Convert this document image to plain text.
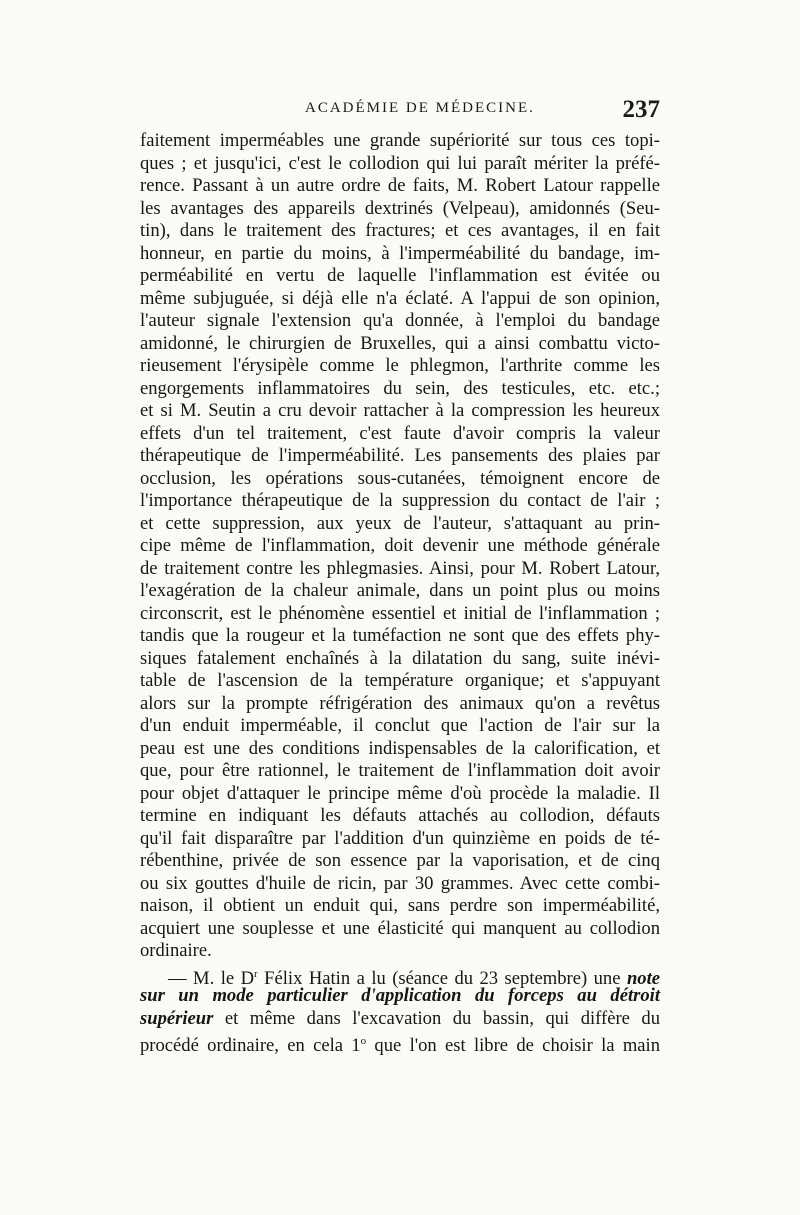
ACADÉMIE DE MÉDECINE.	237
faitement imperméables une grande supériorité sur tous ces topi-
ques ; et jusqu'ici, c'est le collodion qui lui paraît mériter la préfé-
rence. Passant à un autre ordre de faits, M. Robert Latour rappelle
les avantages des appareils dextrinés (Velpeau), amidonnés (Seu-
tin), dans le traitement des fractures; et ces avantages, il en fait
honneur, en partie du moins, à l'imperméabilité du bandage, im-
perméabilité en vertu de laquelle l'inflammation est évitée ou
même subjuguée, si déjà elle n'a éclaté. A l'appui de son opinion,
l'auteur signale l'extension qu'a donnée, à l'emploi du bandage
amidonné, le chirurgien de Bruxelles, qui a ainsi combattu victo-
rieusement l'érysipèle comme le phlegmon, l'arthrite comme les
engorgements inflammatoires du sein, des testicules, etc. etc.;
et si M. Seutin a cru devoir rattacher à la compression les heureux
effets d'un tel traitement, c'est faute d'avoir compris la valeur
thérapeutique de l'imperméabilité. Les pansements des plaies par
occlusion, les opérations sous-cutanées, témoignent encore de
l'importance thérapeutique de la suppression du contact de l'air ;
et cette suppression, aux yeux de l'auteur, s'attaquant au prin-
cipe même de l'inflammation, doit devenir une méthode générale
de traitement contre les phlegmasies. Ainsi, pour M. Robert Latour,
l'exagération de la chaleur animale, dans un point plus ou moins
circonscrit, est le phénomène essentiel et initial de l'inflammation ;
tandis que la rougeur et la tuméfaction ne sont que des effets phy-
siques fatalement enchaînés à la dilatation du sang, suite inévi-
table de l'ascension de la température organique; et s'appuyant
alors sur la prompte réfrigération des animaux qu'on a revêtus
d'un enduit imperméable, il conclut que l'action de l'air sur la
peau est une des conditions indispensables de la calorification, et
que, pour être rationnel, le traitement de l'inflammation doit avoir
pour objet d'attaquer le principe même d'où procède la maladie. Il
termine en indiquant les défauts attachés au collodion, défauts
qu'il fait disparaître par l'addition d'un quinzième en poids de té-
rébenthine, privée de son essence par la vaporisation, et de cinq
ou six gouttes d'huile de ricin, par 30 grammes. Avec cette combi-
naison, il obtient un enduit qui, sans perdre son imperméabilité,
acquiert une souplesse et une élasticité qui manquent au collodion
ordinaire.
— M. le $D^r$ Félix Hatin a lu (séance du 23 septembre) une note
sur un mode particulier d'application du forceps au détroit
supérieur et même dans l'excavation du bassin, qui diffère du
procédé ordinaire, en cela 1$^o$ que l'on est libre de choisir la main
